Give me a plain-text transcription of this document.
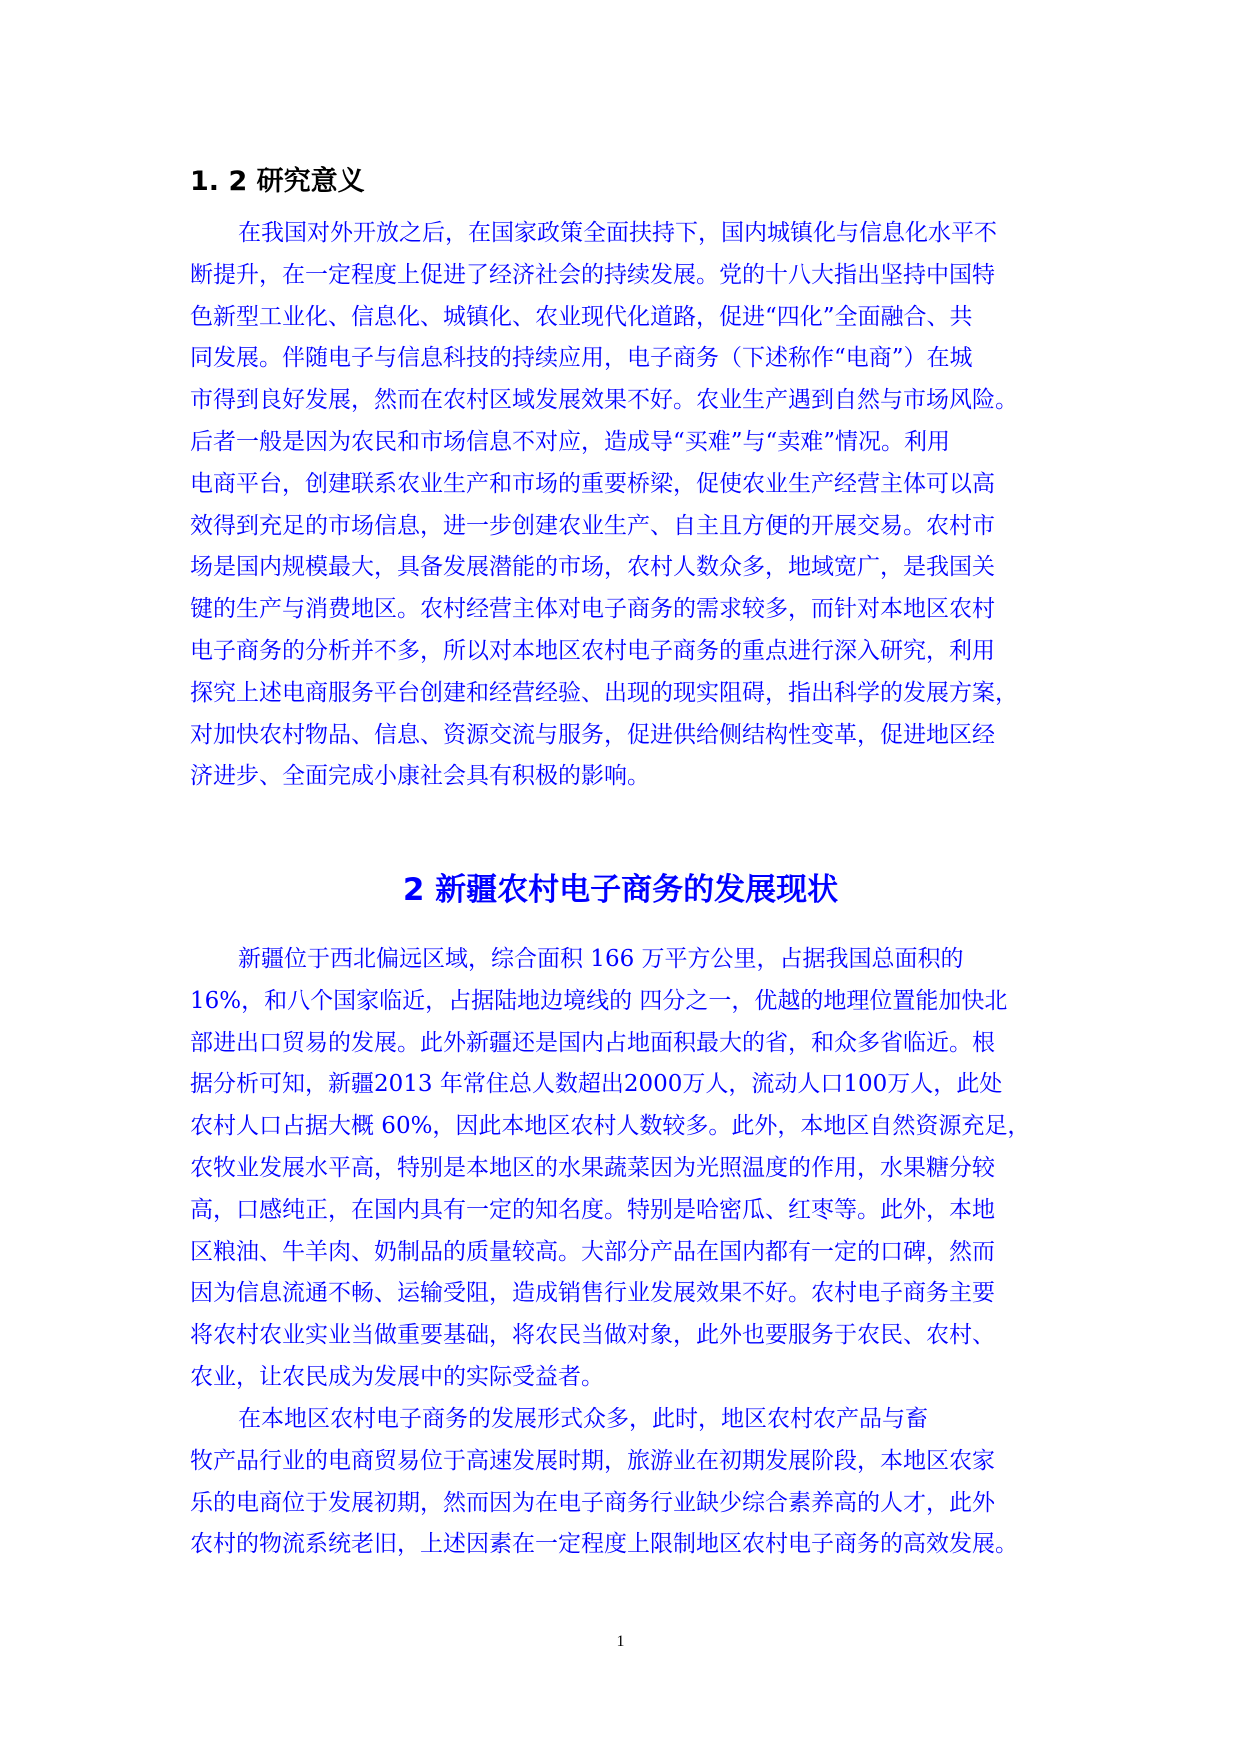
1. 2 研究意义
在我国对外开放之后，在国家政策全面扶持下，国内城镇化与信息化水平不
断提升，在一定程度上促进了经济社会的持续发展。党的十八大指出坚持中国特
色新型工业化、信息化、城镇化、农业现代化道路，促进“四化”全面融合、共
同发展。伴随电子与信息科技的持续应用，电子商务（下述称作“电商”）在城
市得到良好发展，然而在农村区域发展效果不好。农业生产遇到自然与市场风险。
后者一般是因为农民和市场信息不对应，造成导“买难”与“卖难”情况。利用
电商平台，创建联系农业生产和市场的重要桥梁，促使农业生产经营主体可以高
效得到充足的市场信息，进一步创建农业生产、自主且方便的开展交易。农村市
场是国内规模最大，具备发展潜能的市场，农村人数众多，地域宽广，是我国关
键的生产与消费地区。农村经营主体对电子商务的需求较多，而针对本地区农村
电子商务的分析并不多，所以对本地区农村电子商务的重点进行深入研究，利用
探究上述电商服务平台创建和经营经验、出现的现实阻碍，指出科学的发展方案，
对加快农村物品、信息、资源交流与服务，促进供给侧结构性变革，促进地区经
济进步、全面完成小康社会具有积极的影响。
2 新疆农村电子商务的发展现状
新疆位于西北偏远区域，综合面积 166 万平方公里，占据我国总面积的
16%，和八个国家临近，占据陆地边境线的 四分之一，优越的地理位置能加快北
部进出口贸易的发展。此外新疆还是国内占地面积最大的省，和众多省临近。根
据分析可知，新疆2013 年常住总人数超出2000万人，流动人口100万人，此处
农村人口占据大概 60%，因此本地区农村人数较多。此外，本地区自然资源充足，
农牧业发展水平高，特别是本地区的水果蔬菜因为光照温度的作用，水果糖分较
高，口感纯正，在国内具有一定的知名度。特别是哈密瓜、红枣等。此外，本地
区粮油、牛羊肉、奶制品的质量较高。大部分产品在国内都有一定的口碑，然而
因为信息流通不畅、运输受阻，造成销售行业发展效果不好。农村电子商务主要
将农村农业实业当做重要基础，将农民当做对象，此外也要服务于农民、农村、
农业，让农民成为发展中的实际受益者。
在本地区农村电子商务的发展形式众多，此时，地区农村农产品与畜
牧产品行业的电商贸易位于高速发展时期，旅游业在初期发展阶段，本地区农家
乐的电商位于发展初期，然而因为在电子商务行业缺少综合素养高的人才，此外
农村的物流系统老旧，上述因素在一定程度上限制地区农村电子商务的高效发展。
1
